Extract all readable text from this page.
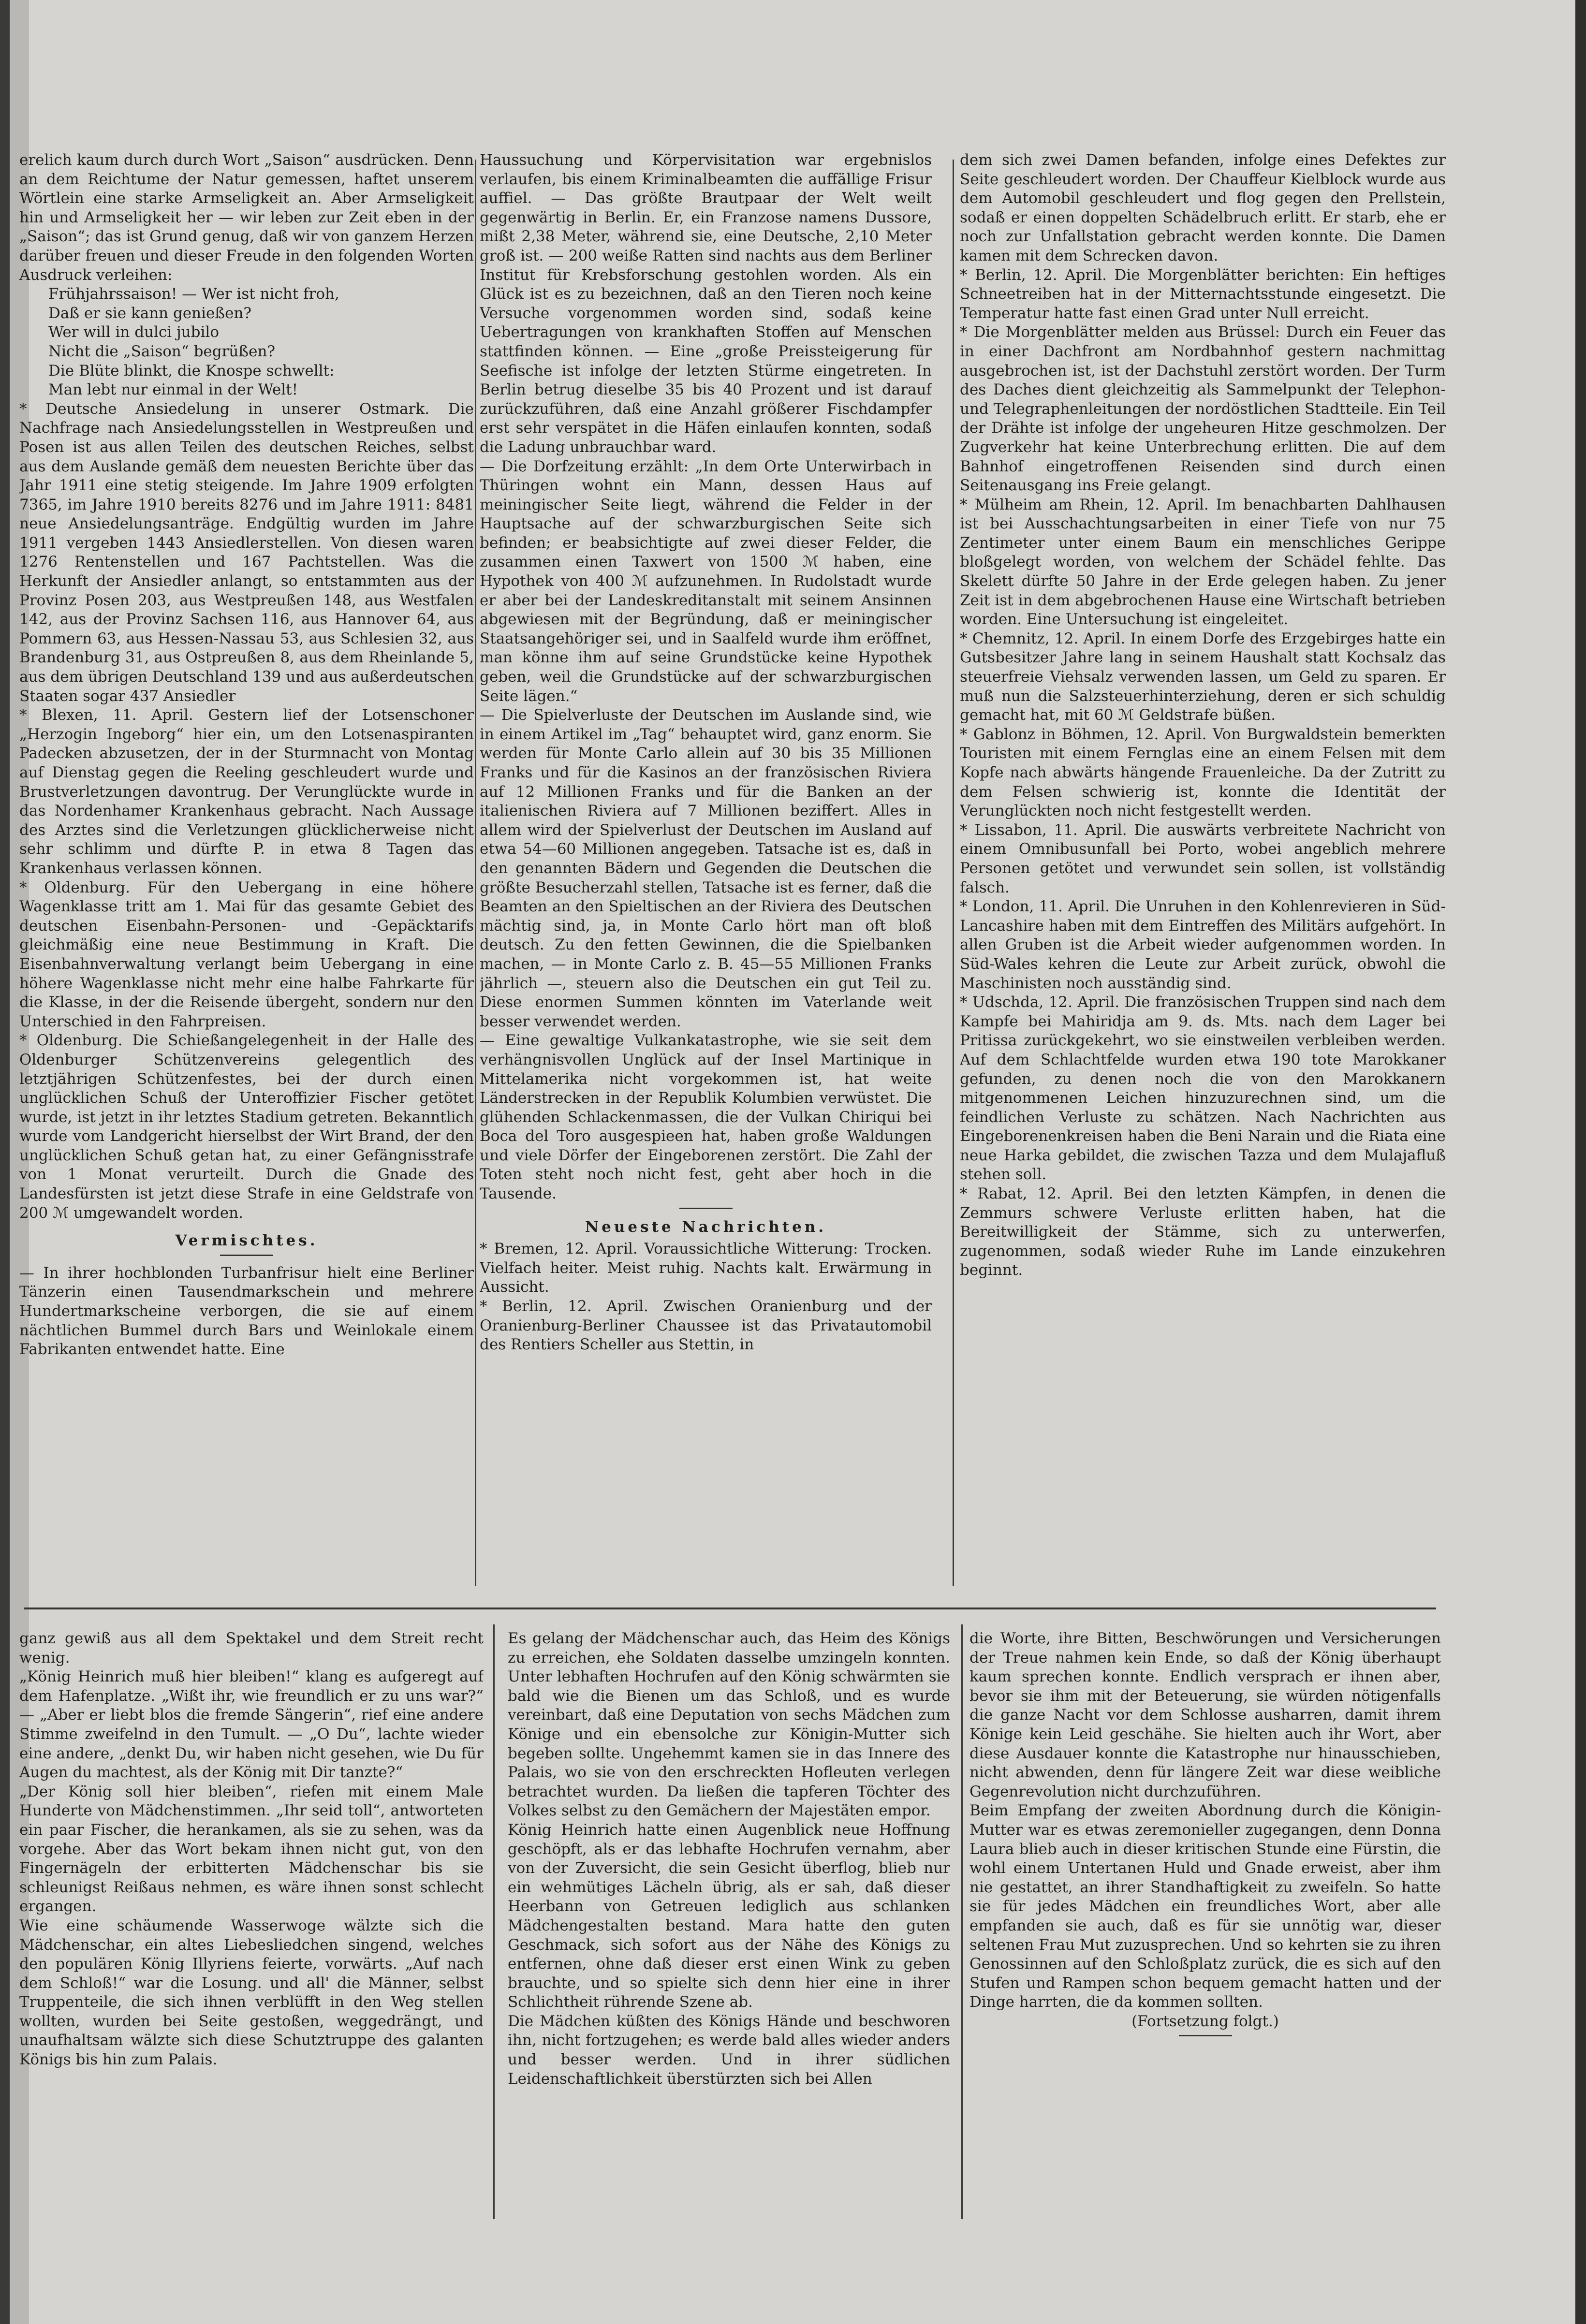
erelich kaum durch durch Wort „Saison“ ausdrücken. Denn an dem Reichtume der Natur gemessen, haftet unserem Wörtlein eine starke Armseligkeit an. Aber Armseligkeit hin und Armseligkeit her — wir leben zur Zeit eben in der „Saison“; das ist Grund genug, daß wir von ganzem Herzen darüber freuen und dieser Freude in den folgenden Worten Ausdruck verleihen:

Frühjahrssaison! — Wer ist nicht froh,
Daß er sie kann genießen?
Wer will in dulci jubilo
Nicht die „Saison“ begrüßen?
Die Blüte blinkt, die Knospe schwellt:
Man lebt nur einmal in der Welt!

* Deutsche Ansiedelung in unserer Ostmark. Die Nachfrage nach Ansiedelungsstellen in Westpreußen und Posen ist aus allen Teilen des deutschen Reiches, selbst aus dem Auslande gemäß dem neuesten Berichte über das Jahr 1911 eine stetig steigende. Im Jahre 1909 erfolgten 7365, im Jahre 1910 bereits 8276 und im Jahre 1911: 8481 neue Ansiedelungsanträge. Endgültig wurden im Jahre 1911 vergeben 1443 Ansiedlerstellen. Von diesen waren 1276 Rentenstellen und 167 Pachtstellen. Was die Herkunft der Ansiedler anlangt, so entstammten aus der Provinz Posen 203, aus Westpreußen 148, aus Westfalen 142, aus der Provinz Sachsen 116, aus Hannover 64, aus Pommern 63, aus Hessen-Nassau 53, aus Schlesien 32, aus Brandenburg 31, aus Ostpreußen 8, aus dem Rheinlande 5, aus dem übrigen Deutschland 139 und aus außerdeutschen Staaten sogar 437 Ansiedler

* Blexen, 11. April. Gestern lief der Lotsenschoner „Herzogin Ingeborg“ hier ein, um den Lotsenaspiranten Padecken abzusetzen, der in der Sturmnacht von Montag auf Dienstag gegen die Reeling geschleudert wurde und Brustverletzungen davontrug. Der Verunglückte wurde in das Nordenhamer Krankenhaus gebracht. Nach Aussage des Arztes sind die Verletzungen glücklicherweise nicht sehr schlimm und dürfte P. in etwa 8 Tagen das Krankenhaus verlassen können.

* Oldenburg. Für den Uebergang in eine höhere Wagenklasse tritt am 1. Mai für das gesamte Gebiet des deutschen Eisenbahn-Personen- und -Gepäcktarifs gleichmäßig eine neue Bestimmung in Kraft. Die Eisenbahnverwaltung verlangt beim Uebergang in eine höhere Wagenklasse nicht mehr eine halbe Fahrkarte für die Klasse, in der die Reisende übergeht, sondern nur den Unterschied in den Fahrpreisen.

* Oldenburg. Die Schießangelegenheit in der Halle des Oldenburger Schützenvereins gelegentlich des letztjährigen Schützenfestes, bei der durch einen unglücklichen Schuß der Unteroffizier Fischer getötet wurde, ist jetzt in ihr letztes Stadium getreten. Bekanntlich wurde vom Landgericht hierselbst der Wirt Brand, der den unglücklichen Schuß getan hat, zu einer Gefängnisstrafe von 1 Monat verurteilt. Durch die Gnade des Landesfürsten ist jetzt diese Strafe in eine Geldstrafe von 200 ℳ umgewandelt worden.

Vermischtes.

— In ihrer hochblonden Turbanfrisur hielt eine Berliner Tänzerin einen Tausendmarkschein und mehrere Hundertmarkscheine verborgen, die sie auf einem nächtlichen Bummel durch Bars und Weinlokale einem Fabrikanten entwendet hatte. Eine

Haussuchung und Körpervisitation war ergebnislos verlaufen, bis einem Kriminalbeamten die auffällige Frisur auffiel. — Das größte Brautpaar der Welt weilt gegenwärtig in Berlin. Er, ein Franzose namens Dussore, mißt 2,38 Meter, während sie, eine Deutsche, 2,10 Meter groß ist. — 200 weiße Ratten sind nachts aus dem Berliner Institut für Krebsforschung gestohlen worden. Als ein Glück ist es zu bezeichnen, daß an den Tieren noch keine Versuche vorgenommen worden sind, sodaß keine Uebertragungen von krankhaften Stoffen auf Menschen stattfinden können. — Eine „große Preissteigerung für Seefische ist infolge der letzten Stürme eingetreten. In Berlin betrug dieselbe 35 bis 40 Prozent und ist darauf zurückzuführen, daß eine Anzahl größerer Fischdampfer erst sehr verspätet in die Häfen einlaufen konnten, sodaß die Ladung unbrauchbar ward.

— Die Dorfzeitung erzählt: „In dem Orte Unterwirbach in Thüringen wohnt ein Mann, dessen Haus auf meiningischer Seite liegt, während die Felder in der Hauptsache auf der schwarzburgischen Seite sich befinden; er beabsichtigte auf zwei dieser Felder, die zusammen einen Taxwert von 1500 ℳ haben, eine Hypothek von 400 ℳ aufzunehmen. In Rudolstadt wurde er aber bei der Landeskreditanstalt mit seinem Ansinnen abgewiesen mit der Begründung, daß er meiningischer Staatsangehöriger sei, und in Saalfeld wurde ihm eröffnet, man könne ihm auf seine Grundstücke keine Hypothek geben, weil die Grundstücke auf der schwarzburgischen Seite lägen.“

— Die Spielverluste der Deutschen im Auslande sind, wie in einem Artikel im „Tag“ behauptet wird, ganz enorm. Sie werden für Monte Carlo allein auf 30 bis 35 Millionen Franks und für die Kasinos an der französischen Riviera auf 12 Millionen Franks und für die Banken an der italienischen Riviera auf 7 Millionen beziffert. Alles in allem wird der Spielverlust der Deutschen im Ausland auf etwa 54—60 Millionen angegeben. Tatsache ist es, daß in den genannten Bädern und Gegenden die Deutschen die größte Besucherzahl stellen, Tatsache ist es ferner, daß die Beamten an den Spieltischen an der Riviera des Deutschen mächtig sind, ja, in Monte Carlo hört man oft bloß deutsch. Zu den fetten Gewinnen, die die Spielbanken machen, — in Monte Carlo z. B. 45—55 Millionen Franks jährlich —, steuern also die Deutschen ein gut Teil zu. Diese enormen Summen könnten im Vaterlande weit besser verwendet werden.

— Eine gewaltige Vulkankatastrophe, wie sie seit dem verhängnisvollen Unglück auf der Insel Martinique in Mittelamerika nicht vorgekommen ist, hat weite Länderstrecken in der Republik Kolumbien verwüstet. Die glühenden Schlackenmassen, die der Vulkan Chiriqui bei Boca del Toro ausgespieen hat, haben große Waldungen und viele Dörfer der Eingeborenen zerstört. Die Zahl der Toten steht noch nicht fest, geht aber hoch in die Tausende.

Neueste Nachrichten.

* Bremen, 12. April. Voraussichtliche Witterung: Trocken. Vielfach heiter. Meist ruhig. Nachts kalt. Erwärmung in Aussicht.

* Berlin, 12. April. Zwischen Oranienburg und der Oranienburg-Berliner Chaussee ist das Privatautomobil des Rentiers Scheller aus Stettin, in

dem sich zwei Damen befanden, infolge eines Defektes zur Seite geschleudert worden. Der Chauffeur Kielblock wurde aus dem Automobil geschleudert und flog gegen den Prellstein, sodaß er einen doppelten Schädelbruch erlitt. Er starb, ehe er noch zur Unfallstation gebracht werden konnte. Die Damen kamen mit dem Schrecken davon.

* Berlin, 12. April. Die Morgenblätter berichten: Ein heftiges Schneetreiben hat in der Mitternachtsstunde eingesetzt. Die Temperatur hatte fast einen Grad unter Null erreicht.

* Die Morgenblätter melden aus Brüssel: Durch ein Feuer das in einer Dachfront am Nordbahnhof gestern nachmittag ausgebrochen ist, ist der Dachstuhl zerstört worden. Der Turm des Daches dient gleichzeitig als Sammelpunkt der Telephon- und Telegraphenleitungen der nordöstlichen Stadtteile. Ein Teil der Drähte ist infolge der ungeheuren Hitze geschmolzen. Der Zugverkehr hat keine Unterbrechung erlitten. Die auf dem Bahnhof eingetroffenen Reisenden sind durch einen Seitenausgang ins Freie gelangt.

* Mülheim am Rhein, 12. April. Im benachbarten Dahlhausen ist bei Ausschachtungsarbeiten in einer Tiefe von nur 75 Zentimeter unter einem Baum ein menschliches Gerippe bloßgelegt worden, von welchem der Schädel fehlte. Das Skelett dürfte 50 Jahre in der Erde gelegen haben. Zu jener Zeit ist in dem abgebrochenen Hause eine Wirtschaft betrieben worden. Eine Untersuchung ist eingeleitet.

* Chemnitz, 12. April. In einem Dorfe des Erzgebirges hatte ein Gutsbesitzer Jahre lang in seinem Haushalt statt Kochsalz das steuerfreie Viehsalz verwenden lassen, um Geld zu sparen. Er muß nun die Salzsteuerhinterziehung, deren er sich schuldig gemacht hat, mit 60 ℳ Geldstrafe büßen.

* Gablonz in Böhmen, 12. April. Von Burgwaldstein bemerkten Touristen mit einem Fernglas eine an einem Felsen mit dem Kopfe nach abwärts hängende Frauenleiche. Da der Zutritt zu dem Felsen schwierig ist, konnte die Identität der Verunglückten noch nicht festgestellt werden.

* Lissabon, 11. April. Die auswärts verbreitete Nachricht von einem Omnibusunfall bei Porto, wobei angeblich mehrere Personen getötet und verwundet sein sollen, ist vollständig falsch.

* London, 11. April. Die Unruhen in den Kohlenrevieren in Süd-Lancashire haben mit dem Eintreffen des Militärs aufgehört. In allen Gruben ist die Arbeit wieder aufgenommen worden. In Süd-Wales kehren die Leute zur Arbeit zurück, obwohl die Maschinisten noch ausständig sind.

* Udschda, 12. April. Die französischen Truppen sind nach dem Kampfe bei Mahiridja am 9. ds. Mts. nach dem Lager bei Pritissa zurückgekehrt, wo sie einstweilen verbleiben werden. Auf dem Schlachtfelde wurden etwa 190 tote Marokkaner gefunden, zu denen noch die von den Marokkanern mitgenommenen Leichen hinzuzurechnen sind, um die feindlichen Verluste zu schätzen. Nach Nachrichten aus Eingeborenenkreisen haben die Beni Narain und die Riata eine neue Harka gebildet, die zwischen Tazza und dem Mulajafluß stehen soll.

* Rabat, 12. April. Bei den letzten Kämpfen, in denen die Zemmurs schwere Verluste erlitten haben, hat die Bereitwilligkeit der Stämme, sich zu unterwerfen, zugenommen, sodaß wieder Ruhe im Lande einzukehren beginnt.

ganz gewiß aus all dem Spektakel und dem Streit recht wenig.

„König Heinrich muß hier bleiben!“ klang es aufgeregt auf dem Hafenplatze. „Wißt ihr, wie freundlich er zu uns war?“ — „Aber er liebt blos die fremde Sängerin“, rief eine andere Stimme zweifelnd in den Tumult. — „O Du“, lachte wieder eine andere, „denkt Du, wir haben nicht gesehen, wie Du für Augen du machtest, als der König mit Dir tanzte?“

„Der König soll hier bleiben“, riefen mit einem Male Hunderte von Mädchenstimmen. „Ihr seid toll“, antworteten ein paar Fischer, die herankamen, als sie zu sehen, was da vorgehe. Aber das Wort bekam ihnen nicht gut, von den Fingernägeln der erbitterten Mädchenschar bis sie schleunigst Reißaus nehmen, es wäre ihnen sonst schlecht ergangen.

Wie eine schäumende Wasserwoge wälzte sich die Mädchenschar, ein altes Liebesliedchen singend, welches den populären König Illyriens feierte, vorwärts. „Auf nach dem Schloß!“ war die Losung. und all' die Männer, selbst Truppenteile, die sich ihnen verblüfft in den Weg stellen wollten, wurden bei Seite gestoßen, weggedrängt, und unaufhaltsam wälzte sich diese Schutztruppe des galanten Königs bis hin zum Palais.

Es gelang der Mädchenschar auch, das Heim des Königs zu erreichen, ehe Soldaten dasselbe umzingeln konnten. Unter lebhaften Hochrufen auf den König schwärmten sie bald wie die Bienen um das Schloß, und es wurde vereinbart, daß eine Deputation von sechs Mädchen zum Könige und ein ebensolche zur Königin-Mutter sich begeben sollte. Ungehemmt kamen sie in das Innere des Palais, wo sie von den erschreckten Hofleuten verlegen betrachtet wurden. Da ließen die tapferen Töchter des Volkes selbst zu den Gemächern der Majestäten empor.

König Heinrich hatte einen Augenblick neue Hoffnung geschöpft, als er das lebhafte Hochrufen vernahm, aber von der Zuversicht, die sein Gesicht überflog, blieb nur ein wehmütiges Lächeln übrig, als er sah, daß dieser Heerbann von Getreuen lediglich aus schlanken Mädchengestalten bestand. Mara hatte den guten Geschmack, sich sofort aus der Nähe des Königs zu entfernen, ohne daß dieser erst einen Wink zu geben brauchte, und so spielte sich denn hier eine in ihrer Schlichtheit rührende Szene ab.

Die Mädchen küßten des Königs Hände und beschworen ihn, nicht fortzugehen; es werde bald alles wieder anders und besser werden. Und in ihrer südlichen Leidenschaftlichkeit überstürzten sich bei Allen

die Worte, ihre Bitten, Beschwörungen und Versicherungen der Treue nahmen kein Ende, so daß der König überhaupt kaum sprechen konnte. Endlich versprach er ihnen aber, bevor sie ihm mit der Beteuerung, sie würden nötigenfalls die ganze Nacht vor dem Schlosse ausharren, damit ihrem Könige kein Leid geschähe. Sie hielten auch ihr Wort, aber diese Ausdauer konnte die Katastrophe nur hinausschieben, nicht abwenden, denn für längere Zeit war diese weibliche Gegenrevolution nicht durchzuführen.

Beim Empfang der zweiten Abordnung durch die Königin-Mutter war es etwas zeremonieller zugegangen, denn Donna Laura blieb auch in dieser kritischen Stunde eine Fürstin, die wohl einem Untertanen Huld und Gnade erweist, aber ihm nie gestattet, an ihrer Standhaftigkeit zu zweifeln. So hatte sie für jedes Mädchen ein freundliches Wort, aber alle empfanden sie auch, daß es für sie unnötig war, dieser seltenen Frau Mut zuzusprechen. Und so kehrten sie zu ihren Genossinnen auf den Schloßplatz zurück, die es sich auf den Stufen und Rampen schon bequem gemacht hatten und der Dinge harrten, die da kommen sollten.

(Fortsetzung folgt.)
